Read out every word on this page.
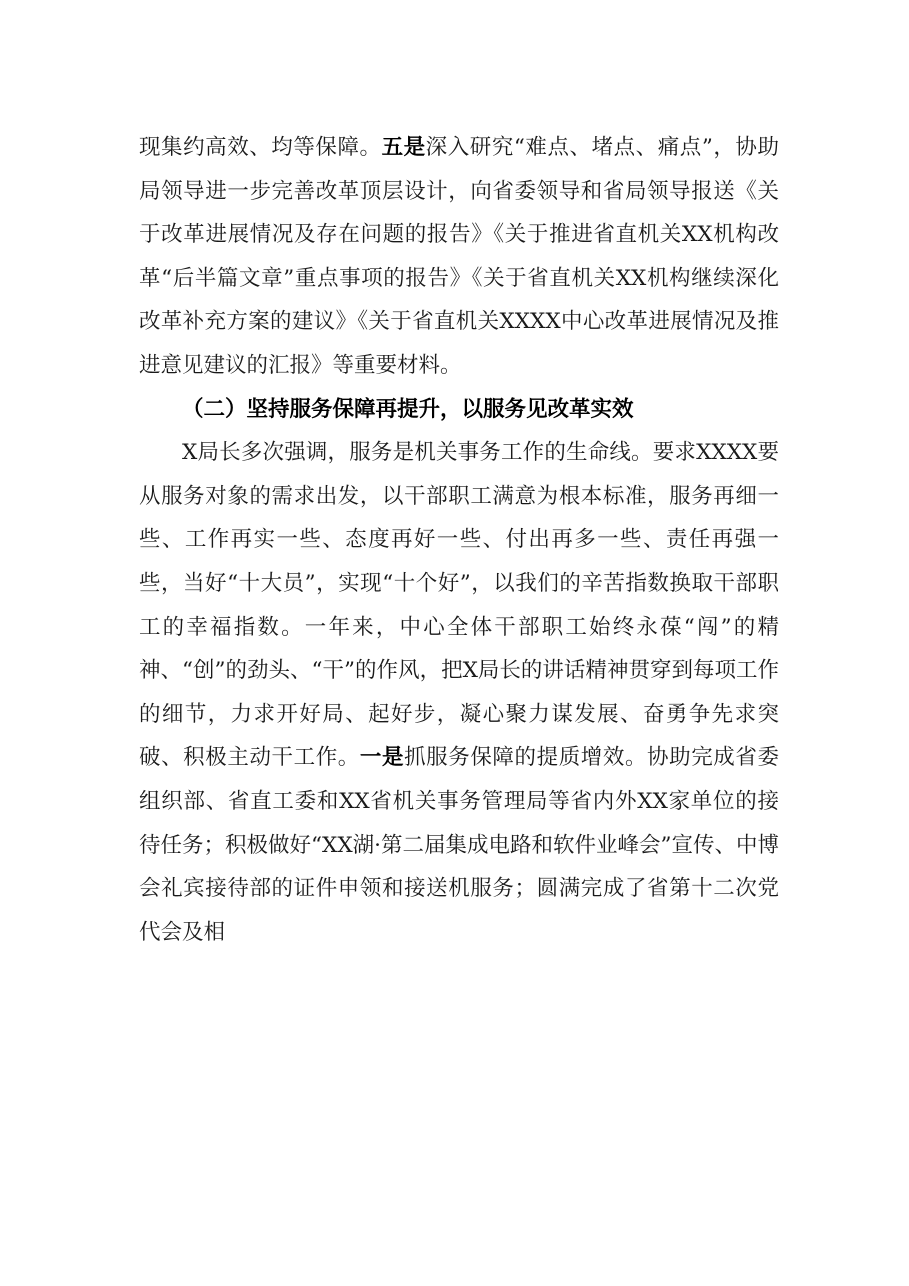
现集约高效、均等保障。五是深入研究“难点、堵点、痛点”，协助局领导进一步完善改革顶层设计，向省委领导和省局领导报送《关于改革进展情况及存在问题的报告》《关于推进省直机关XX机构改革“后半篇文章”重点事项的报告》《关于省直机关XX机构继续深化改革补充方案的建议》《关于省直机关XXXX中心改革进展情况及推进意见建议的汇报》等重要材料。

（二）坚持服务保障再提升，以服务见改革实效

X局长多次强调，服务是机关事务工作的生命线。要求XXXX要从服务对象的需求出发，以干部职工满意为根本标准，服务再细一些、工作再实一些、态度再好一些、付出再多一些、责任再强一些，当好“十大员”，实现“十个好”，以我们的辛苦指数换取干部职工的幸福指数。一年来，中心全体干部职工始终永葆“闯”的精神、“创”的劲头、“干”的作风，把X局长的讲话精神贯穿到每项工作的细节，力求开好局、起好步，凝心聚力谋发展、奋勇争先求突破、积极主动干工作。一是抓服务保障的提质增效。协助完成省委组织部、省直工委和XX省机关事务管理局等省内外XX家单位的接待任务；积极做好“XX湖·第二届集成电路和软件业峰会”宣传、中博会礼宾接待部的证件申领和接送机服务；圆满完成了省第十二次党代会及相
